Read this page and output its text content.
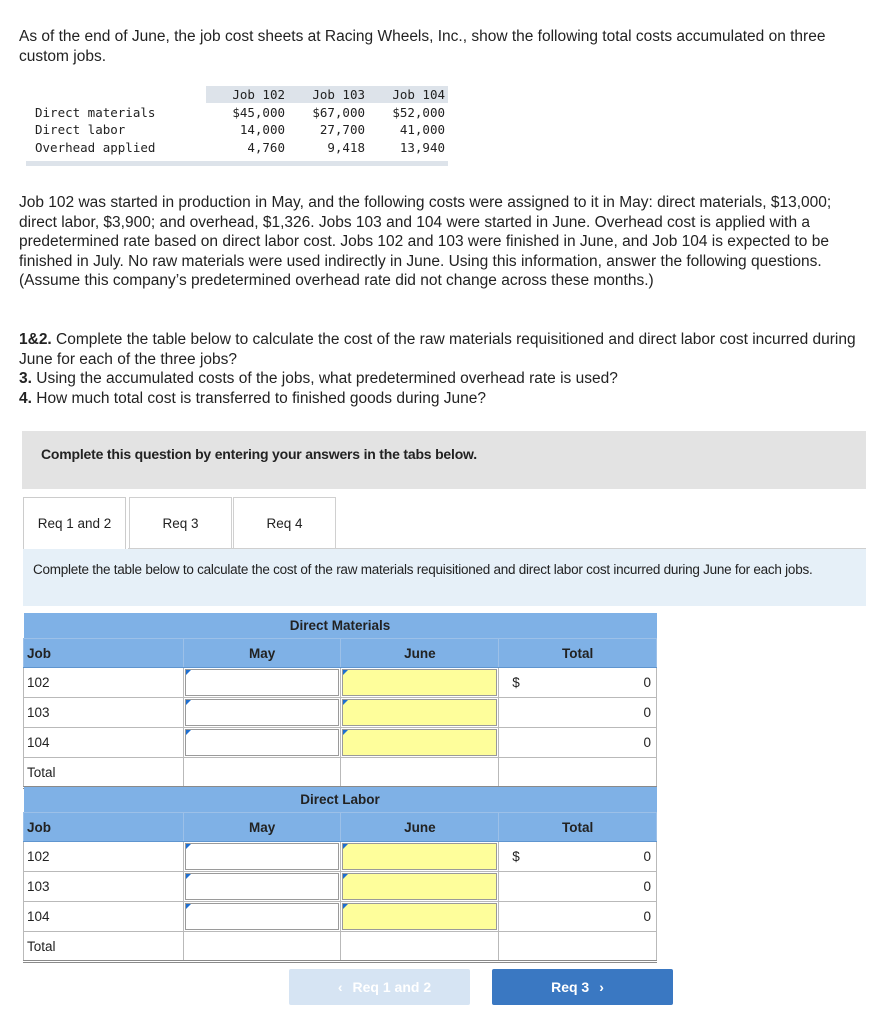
As of the end of June, the job cost sheets at Racing Wheels, Inc., show the following total costs accumulated on three custom jobs.

	Job 102	Job 103	Job 104
Direct materials	$45,000	$67,000	$52,000
Direct labor	14,000	27,700	41,000
Overhead applied	4,760	9,418	13,940

Job 102 was started in production in May, and the following costs were assigned to it in May: direct materials, $13,000; direct labor, $3,900; and overhead, $1,326. Jobs 103 and 104 were started in June. Overhead cost is applied with a predetermined rate based on direct labor cost. Jobs 102 and 103 were finished in June, and Job 104 is expected to be finished in July. No raw materials were used indirectly in June. Using this information, answer the following questions. (Assume this company’s predetermined overhead rate did not change across these months.)

1&2. Complete the table below to calculate the cost of the raw materials requisitioned and direct labor cost incurred during June for each of the three jobs?

3. Using the accumulated costs of the jobs, what predetermined overhead rate is used?

4. How much total cost is transferred to finished goods during June?

Complete this question by entering your answers in the tabs below.
Req 1 and 2	Req 3	Req 4
Complete the table below to calculate the cost of the raw materials requisitioned and direct labor cost incurred during June for each jobs.
Direct Materials			
Job	May	June	Total
102			$ 0

103			0

104			0

Total			
Direct Labor			
Job	May	June	Total
102			$ 0

103			0

104			0

Total			
‹ Req 1 and 2	Req 3 ›
